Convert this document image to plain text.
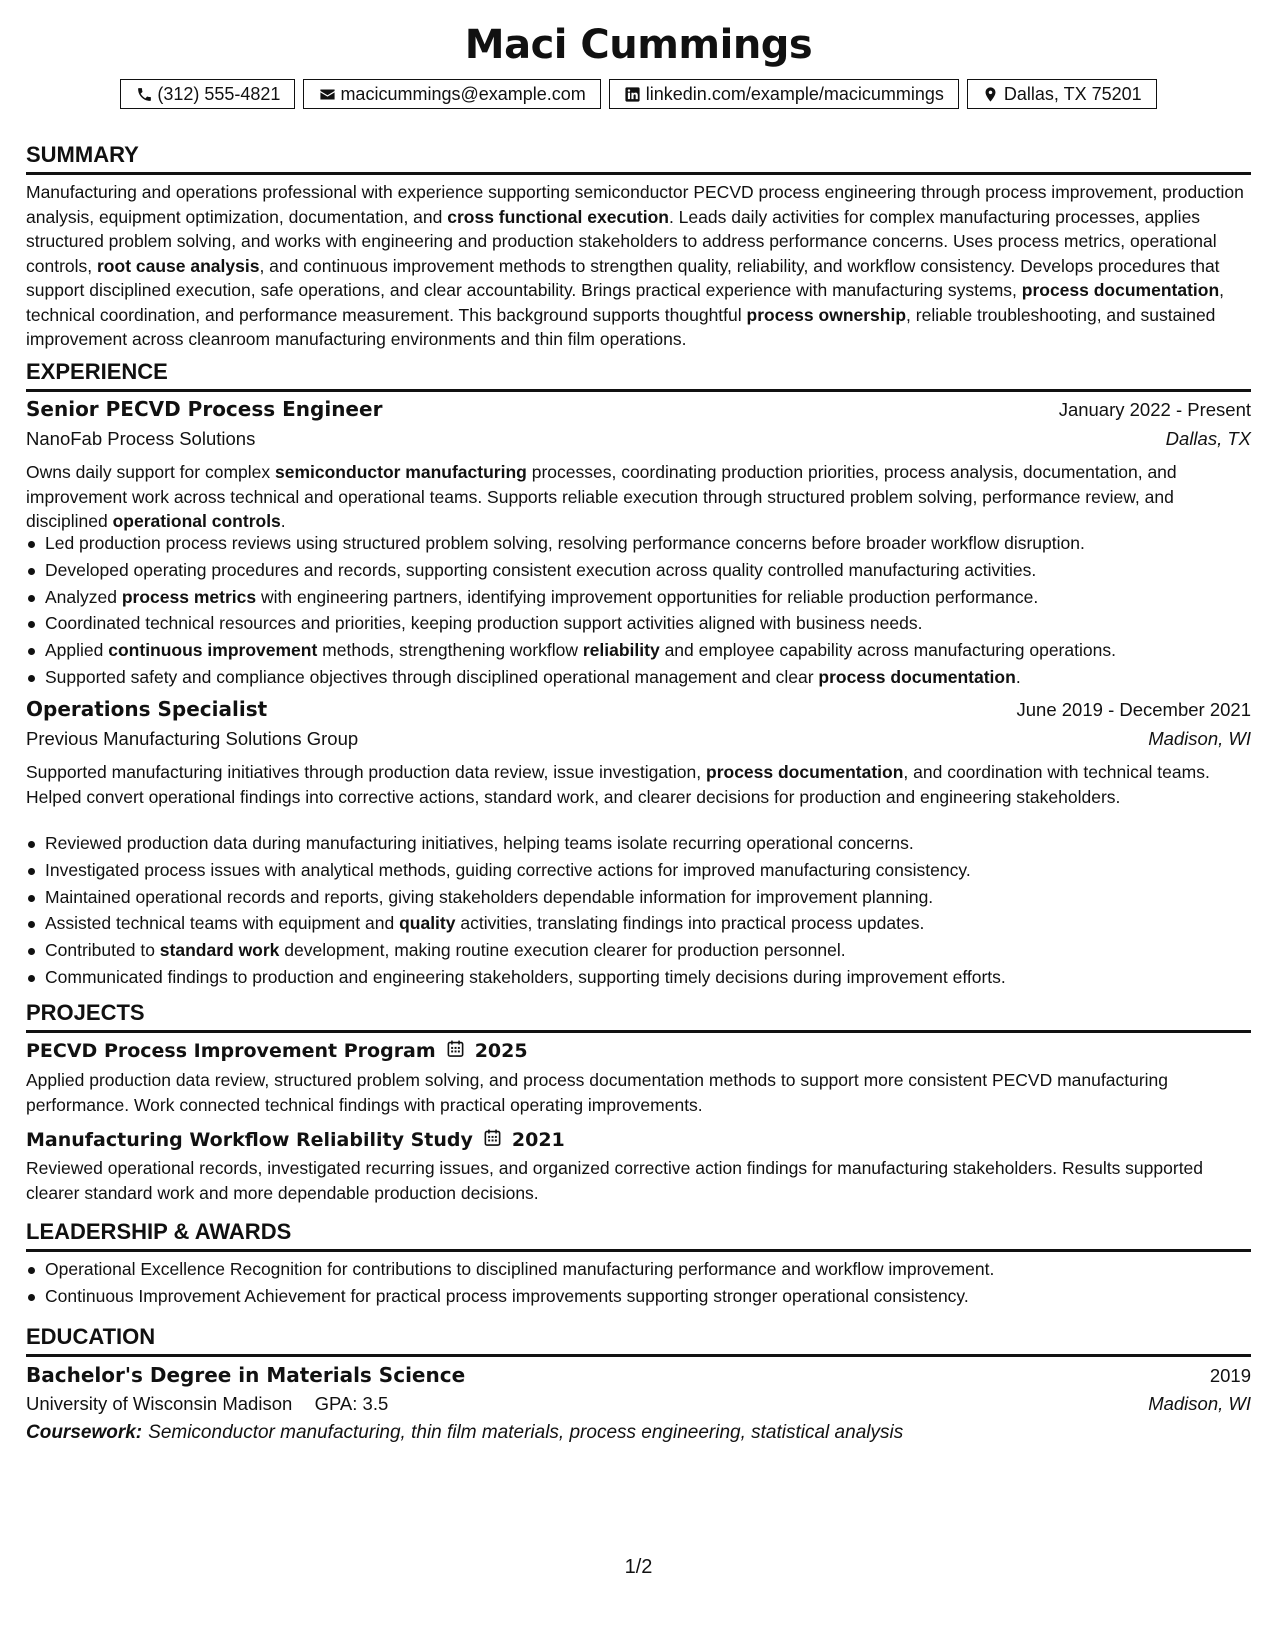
Maci Cummings
(312) 555-4821	macicummings@example.com	linkedin.com/example/macicummings	Dallas, TX 75201
SUMMARY
Manufacturing and operations professional with experience supporting semiconductor PECVD process engineering through process improvement, production analysis, equipment optimization, documentation, and cross functional execution. Leads daily activities for complex manufacturing processes, applies structured problem solving, and works with engineering and production stakeholders to address performance concerns. Uses process metrics, operational controls, root cause analysis, and continuous improvement methods to strengthen quality, reliability, and workflow consistency. Develops procedures that support disciplined execution, safe operations, and clear accountability. Brings practical experience with manufacturing systems, process documentation, technical coordination, and performance measurement. This background supports thoughtful process ownership, reliable troubleshooting, and sustained improvement across cleanroom manufacturing environments and thin film operations.
EXPERIENCE
Senior PECVD Process Engineer	January 2022 - Present
NanoFab Process Solutions	Dallas, TX
Owns daily support for complex semiconductor manufacturing processes, coordinating production priorities, process analysis, documentation, and improvement work across technical and operational teams. Supports reliable execution through structured problem solving, performance review, and disciplined operational controls.
Led production process reviews using structured problem solving, resolving performance concerns before broader workflow disruption.
Developed operating procedures and records, supporting consistent execution across quality controlled manufacturing activities.
Analyzed process metrics with engineering partners, identifying improvement opportunities for reliable production performance.
Coordinated technical resources and priorities, keeping production support activities aligned with business needs.
Applied continuous improvement methods, strengthening workflow reliability and employee capability across manufacturing operations.
Supported safety and compliance objectives through disciplined operational management and clear process documentation.
Operations Specialist	June 2019 - December 2021
Previous Manufacturing Solutions Group	Madison, WI
Supported manufacturing initiatives through production data review, issue investigation, process documentation, and coordination with technical teams. Helped convert operational findings into corrective actions, standard work, and clearer decisions for production and engineering stakeholders.
Reviewed production data during manufacturing initiatives, helping teams isolate recurring operational concerns.
Investigated process issues with analytical methods, guiding corrective actions for improved manufacturing consistency.
Maintained operational records and reports, giving stakeholders dependable information for improvement planning.
Assisted technical teams with equipment and quality activities, translating findings into practical process updates.
Contributed to standard work development, making routine execution clearer for production personnel.
Communicated findings to production and engineering stakeholders, supporting timely decisions during improvement efforts.
PROJECTS
PECVD Process Improvement Program 2025
Applied production data review, structured problem solving, and process documentation methods to support more consistent PECVD manufacturing performance. Work connected technical findings with practical operating improvements.
Manufacturing Workflow Reliability Study 2021
Reviewed operational records, investigated recurring issues, and organized corrective action findings for manufacturing stakeholders. Results supported clearer standard work and more dependable production decisions.
LEADERSHIP & AWARDS
Operational Excellence Recognition for contributions to disciplined manufacturing performance and workflow improvement.
Continuous Improvement Achievement for practical process improvements supporting stronger operational consistency.
EDUCATION
Bachelor's Degree in Materials Science	2019
University of Wisconsin Madison GPA: 3.5	Madison, WI
Coursework: Semiconductor manufacturing, thin film materials, process engineering, statistical analysis
1/2
